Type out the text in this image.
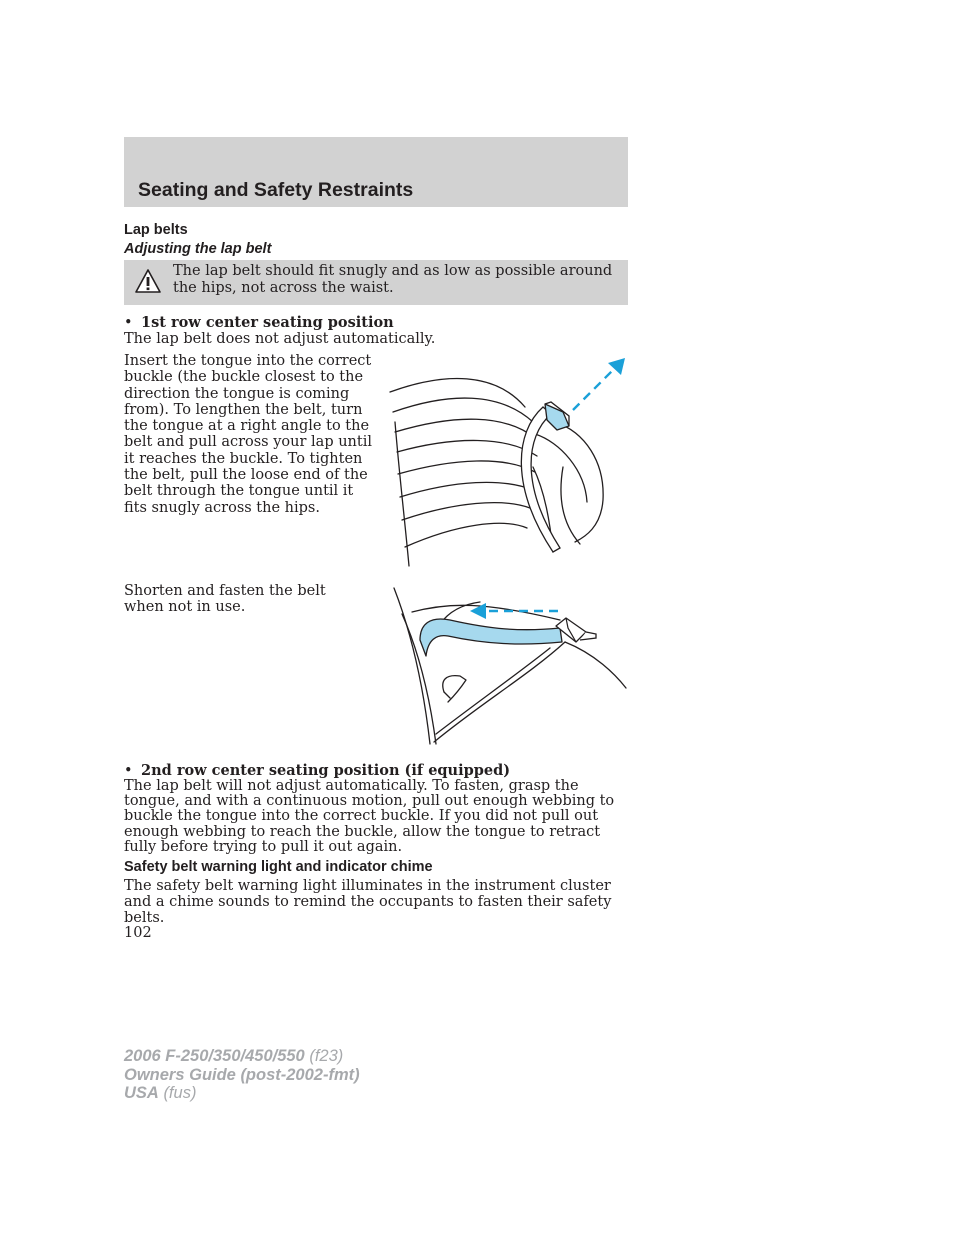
Seating and Safety Restraints
Lap belts
Adjusting the lap belt

The lap belt should fit snugly and as low as possible around the hips, not across the waist.

• 1st row center seating position

The lap belt does not adjust automatically.

Insert the tongue into the correct buckle (the buckle closest to the direction the tongue is coming from). To lengthen the belt, turn the tongue at a right angle to the belt and pull across your lap until it reaches the buckle. To tighten the belt, pull the loose end of the belt through the tongue until it fits snugly across the hips.

Shorten and fasten the belt when not in use.

• 2nd row center seating position (if equipped)

The lap belt will not adjust automatically. To fasten, grasp the tongue, and with a continuous motion, pull out enough webbing to buckle the tongue into the correct buckle. If you did not pull out enough webbing to reach the buckle, allow the tongue to retract fully before trying to pull it out again.

Safety belt warning light and indicator chime

The safety belt warning light illuminates in the instrument cluster and a chime sounds to remind the occupants to fasten their safety belts.

102

2006 F-250/350/450/550 (f23)
Owners Guide (post-2002-fmt)
USA (fus)
